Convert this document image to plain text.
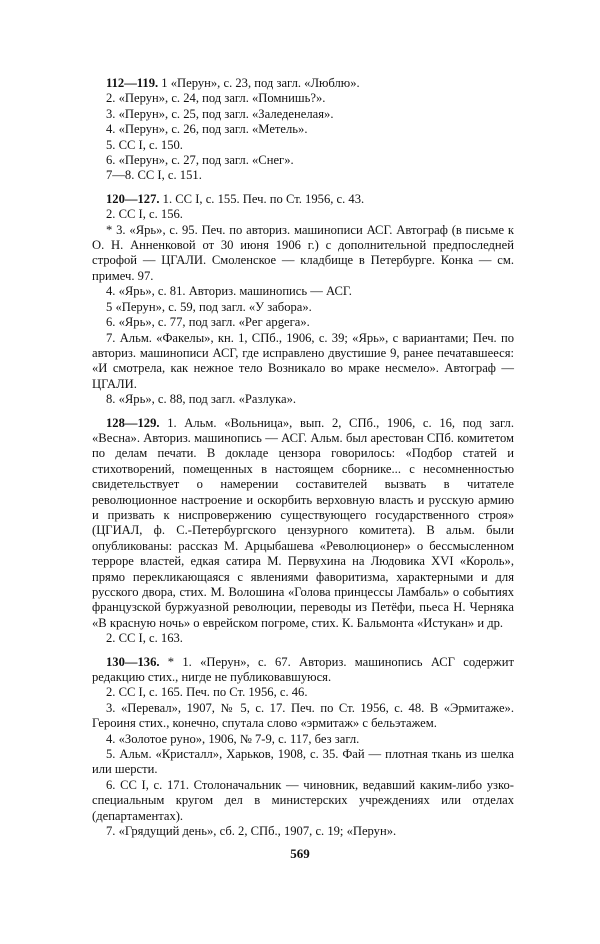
112—119. 1 «Перун», с. 23, под загл. «Люблю».

2. «Перун», с. 24, под загл. «Помнишь?».

3. «Перун», с. 25, под загл. «Заледенелая».

4. «Перун», с. 26, под загл. «Метель».

5. СС I, с. 150.

6. «Перун», с. 27, под загл. «Снег».

7—8. СС I, с. 151.

120—127. 1. СС I, с. 155. Печ. по Ст. 1956, с. 43.

2. СС I, с. 156.

* 3. «Ярь», с. 95. Печ. по авториз. машинописи АСГ. Автограф (в письме к О. Н. Анненковой от 30 июня 1906 г.) с дополнительной предпоследней строфой — ЦГАЛИ. Смоленское — кладбище в Петербурге. Конка — см. примеч. 97.

4. «Ярь», с. 81. Авториз. машинопись — АСГ.

5 «Перун», с. 59, под загл. «У забора».

6. «Ярь», с. 77, под загл. «Pег apgeга».

7. Альм. «Факелы», кн. 1, СПб., 1906, с. 39; «Ярь», с вариантами; Печ. по авториз. машинописи АСГ, где исправлено двустишие 9, ранее печатавшееся: «И смотрела, как нежное тело Возникало во мраке несмело». Автограф — ЦГАЛИ.

8. «Ярь», с. 88, под загл. «Разлука».

128—129. 1. Альм. «Вольница», вып. 2, СПб., 1906, с. 16, под загл. «Весна». Авториз. машинопись — АСГ. Альм. был арестован СПб. комитетом по делам печати. В докладе цензора говорилось: «Подбор статей и стихотворений, помещенных в настоящем сборнике... с несомненностью свидетельствует о намерении составителей вызвать в читателе революционное настроение и оскорбить верховную власть и русскую армию и призвать к ниспровержению существующего государственного строя» (ЦГИАЛ, ф. С.-Петербургского цензурного комитета). В альм. были опубликованы: рассказ М. Арцыбашева «Революционер» о бессмысленном терроре властей, едкая сатира М. Первухина на Людовика XVI «Король», прямо перекликающаяся с явлениями фаворитизма, характерными и для русского двора, стих. М. Волошина «Голова принцессы Ламбаль» о событиях французской буржуазной революции, переводы из Петёфи, пьеса Н. Чернякa «В красную ночь» о еврейском погроме, стих. К. Бальмонта «Истукан» и др.

2. СС I, с. 163.

130—136. * 1. «Перун», с. 67. Авториз. машинопись АСГ содержит редакцию стих., нигде не публиковавшуюся.

2. СС I, с. 165. Печ. по Ст. 1956, с. 46.

3. «Перевал», 1907, № 5, с. 17. Печ. по Ст. 1956, с. 48. В «Эрмитаже». Героиня стих., конечно, спутала слово «эрмитаж» с бельэтажем.

4. «Золотое руно», 1906, № 7-9, с. 117, без загл.

5. Альм. «Кристалл», Харьков, 1908, с. 35. Фай — плотная ткань из шелка или шерсти.

6. СС I, с. 171. Столоначальник — чиновник, ведавший каким-либо узко-специальным кругом дел в министерских учреждениях или отделах (департаментах).

7. «Грядущий день», сб. 2, СПб., 1907, с. 19; «Перун».

569
